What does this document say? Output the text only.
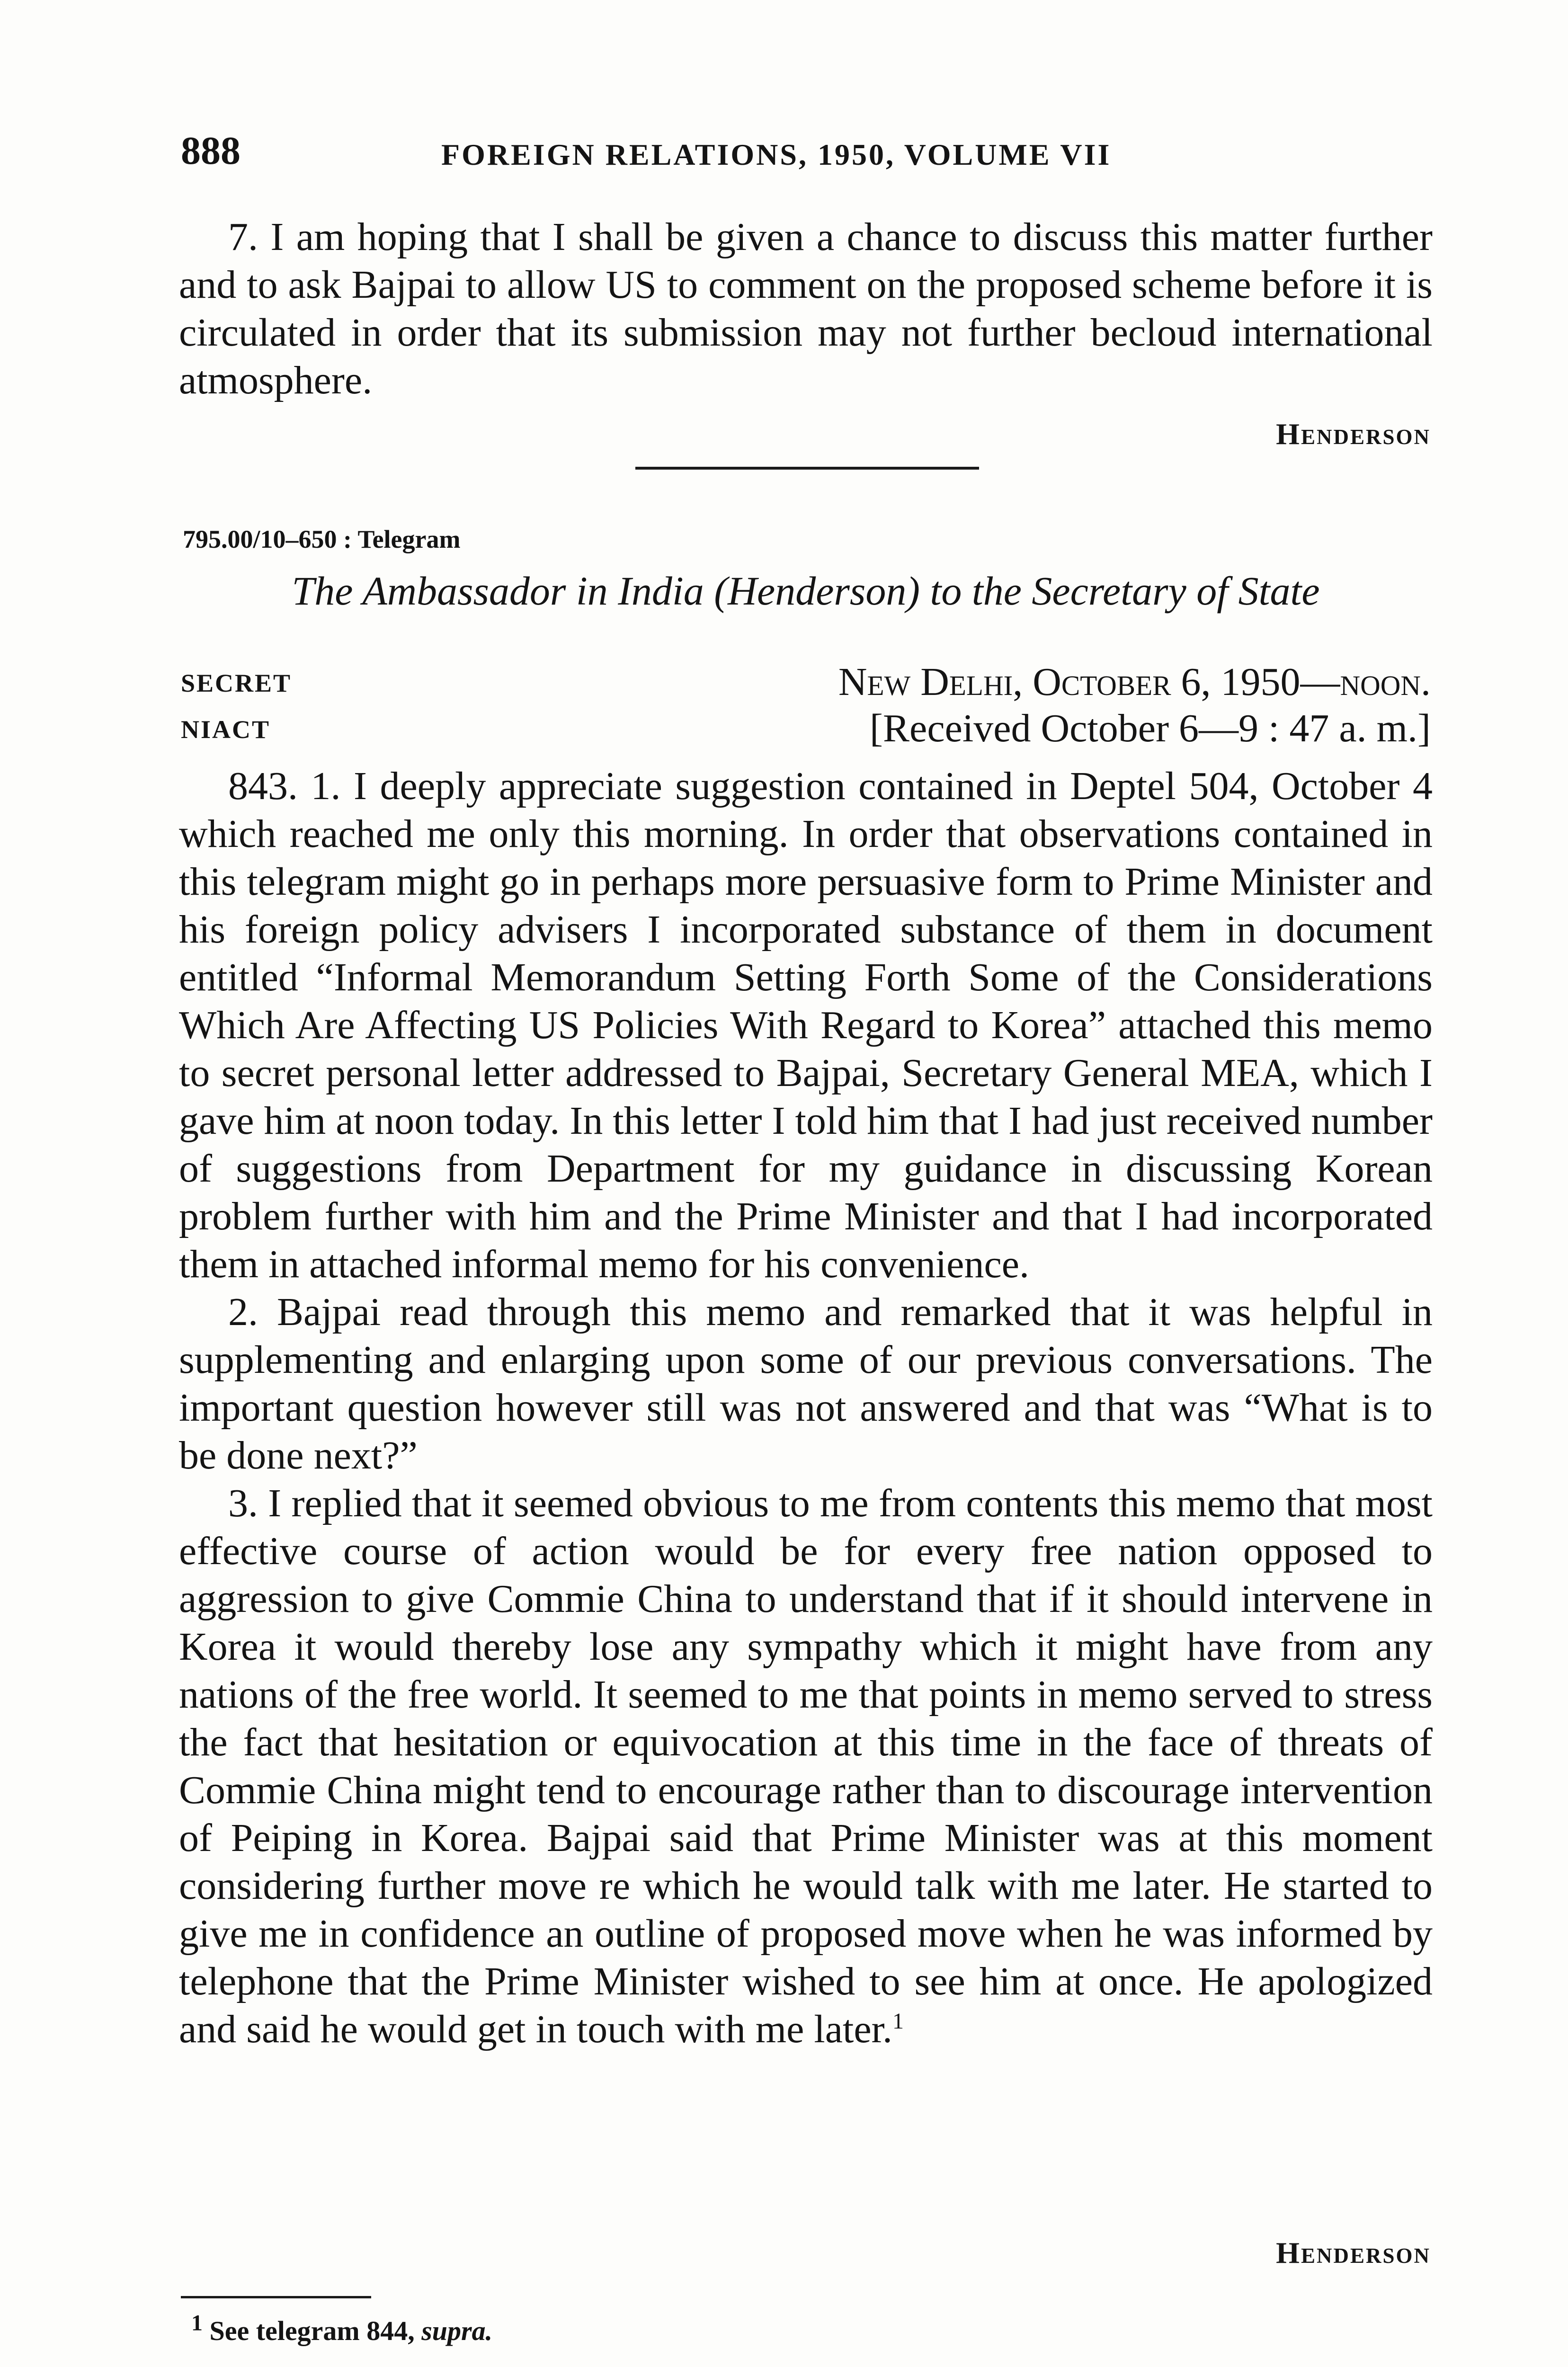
888	FOREIGN RELATIONS, 1950, VOLUME VII

7. I am hoping that I shall be given a chance to discuss this matter further and to ask Bajpai to allow US to comment on the proposed scheme before it is circulated in order that its submission may not further becloud international atmosphere.

Henderson
795.00/10–650 : Telegram
The Ambassador in India (Henderson) to the Secretary of State
SECRET	New Delhi, October 6, 1950—noon.
NIACT	[Received October 6—9 : 47 a. m.]

843. 1. I deeply appreciate suggestion contained in Deptel 504, October 4 which reached me only this morning. In order that observations contained in this telegram might go in perhaps more persuasive form to Prime Minister and his foreign policy advisers I incorporated substance of them in document entitled “Informal Memorandum Setting Forth Some of the Considerations Which Are Affecting US Policies With Regard to Korea” attached this memo to secret personal letter addressed to Bajpai, Secretary General MEA, which I gave him at noon today. In this letter I told him that I had just received number of suggestions from Department for my guidance in discussing Korean problem further with him and the Prime Minister and that I had incorporated them in attached informal memo for his convenience.

2. Bajpai read through this memo and remarked that it was helpful in supplementing and enlarging upon some of our previous conversations. The important question however still was not answered and that was “What is to be done next?”

3. I replied that it seemed obvious to me from contents this memo that most effective course of action would be for every free nation opposed to aggression to give Commie China to understand that if it should intervene in Korea it would thereby lose any sympathy which it might have from any nations of the free world. It seemed to me that points in memo served to stress the fact that hesitation or equivocation at this time in the face of threats of Commie China might tend to encourage rather than to discourage intervention of Peiping in Korea. Bajpai said that Prime Minister was at this moment considering further move re which he would talk with me later. He started to give me in confidence an outline of proposed move when he was informed by telephone that the Prime Minister wished to see him at once. He apologized and said he would get in touch with me later.$^1$

Henderson
$^1$ See telegram 844, supra.
